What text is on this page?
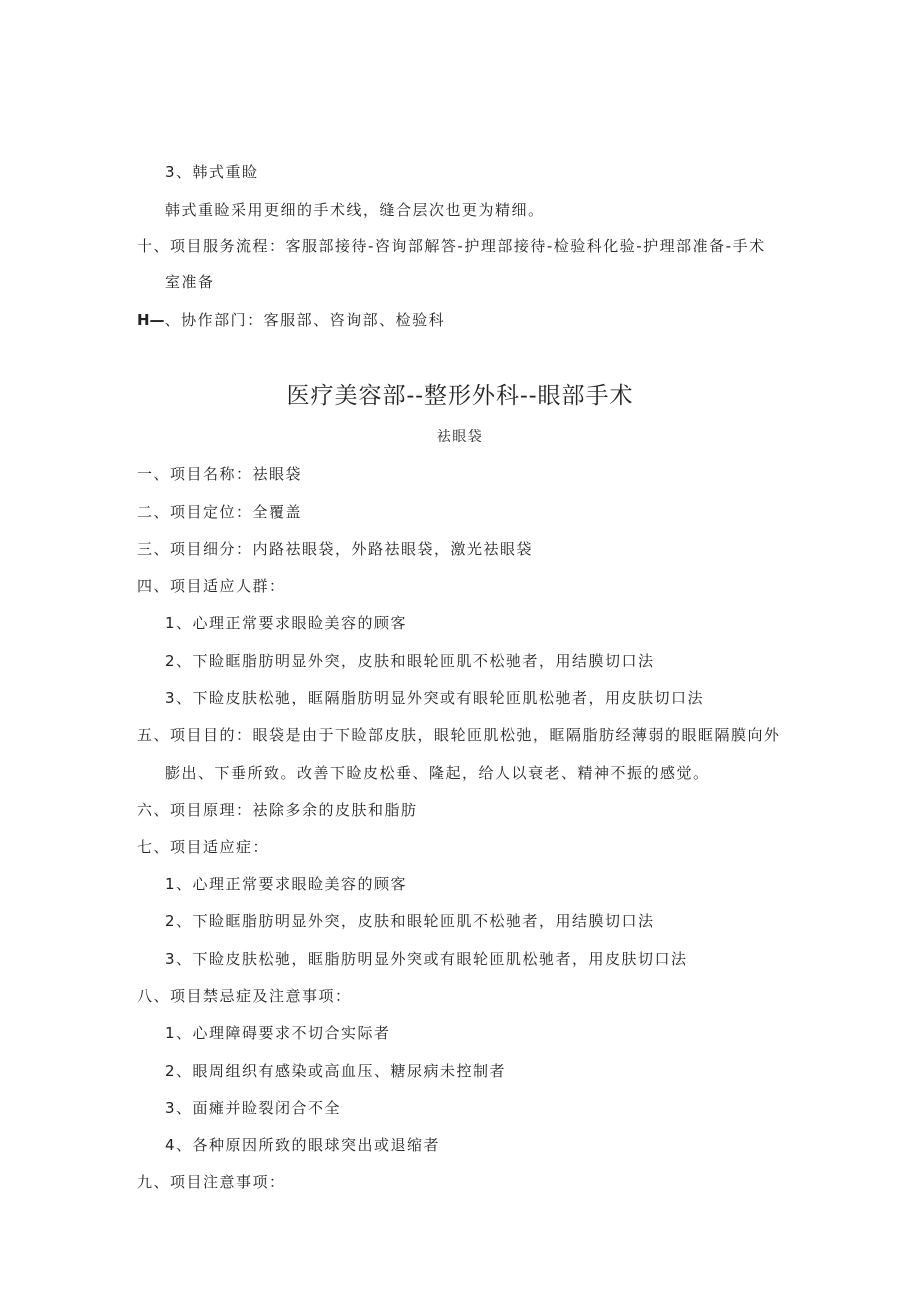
3、韩式重睑
韩式重睑采用更细的手术线，缝合层次也更为精细。
十、项目服务流程：客服部接待-咨询部解答-护理部接待-检验科化验-护理部准备-手术
室准备
H—、协作部门：客服部、咨询部、检验科
医疗美容部--整形外科--眼部手术
祛眼袋
一、项目名称：祛眼袋
二、项目定位：全覆盖
三、项目细分：内路祛眼袋，外路祛眼袋，激光祛眼袋
四、项目适应人群：
1、心理正常要求眼睑美容的顾客
2、下睑眶脂肪明显外突，皮肤和眼轮匝肌不松驰者，用结膜切口法
3、下睑皮肤松驰，眶隔脂肪明显外突或有眼轮匝肌松驰者，用皮肤切口法
五、项目目的：眼袋是由于下睑部皮肤，眼轮匝肌松弛，眶隔脂肪经薄弱的眼眶隔膜向外
膨出、下垂所致。改善下睑皮松垂、隆起，给人以衰老、精神不振的感觉。
六、项目原理：祛除多余的皮肤和脂肪
七、项目适应症：
1、心理正常要求眼睑美容的顾客
2、下睑眶脂肪明显外突，皮肤和眼轮匝肌不松驰者，用结膜切口法
3、下睑皮肤松驰，眶脂肪明显外突或有眼轮匝肌松驰者，用皮肤切口法
八、项目禁忌症及注意事项：
1、心理障碍要求不切合实际者
2、眼周组织有感染或高血压、糖尿病未控制者
3、面瘫并睑裂闭合不全
4、各种原因所致的眼球突出或退缩者
九、项目注意事项：
